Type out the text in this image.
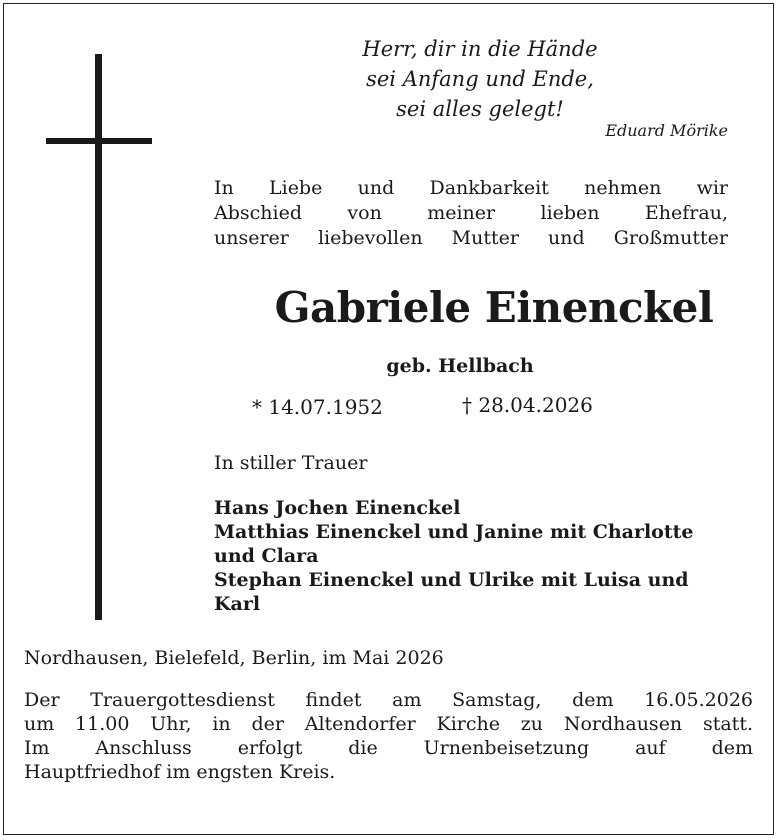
Herr, dir in die Hände
sei Anfang und Ende,
sei alles gelegt!
Eduard Mörike
In Liebe und Dankbarkeit nehmen wir
Abschied von meiner lieben Ehefrau,
unserer liebevollen Mutter und Großmutter
Gabriele Einenckel
geb. Hellbach
* 14.07.1952	† 28.04.2026
In stiller Trauer
Hans Jochen Einenckel
Matthias Einenckel und Janine mit Charlotte
und Clara
Stephan Einenckel und Ulrike mit Luisa und
Karl
Nordhausen, Bielefeld, Berlin, im Mai 2026
Der Trauergottesdienst findet am Samstag, dem 16.05.2026
um 11.00 Uhr, in der Altendorfer Kirche zu Nordhausen statt.
Im Anschluss erfolgt die Urnenbeisetzung auf dem
Hauptfriedhof im engsten Kreis.
